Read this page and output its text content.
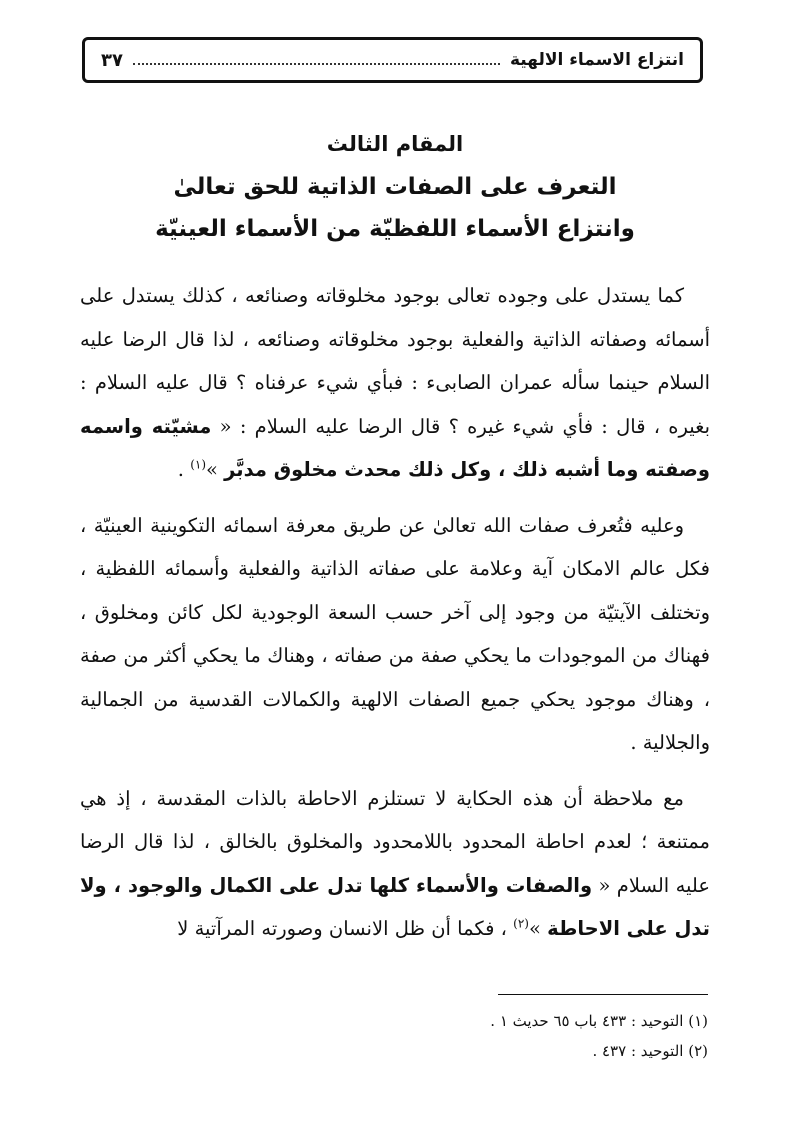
انتزاع الاسماء الالهية
٣٧
المقام الثالث
التعرف على الصفات الذاتية للحق تعالىٰ
وانتزاع الأسماء اللفظيّة من الأسماء العينيّة

كما يستدل على وجوده تعالى بوجود مخلوقاته وصنائعه ، كذلك يستدل على أسمائه وصفاته الذاتية والفعلية بوجود مخلوقاته وصنائعه ، لذا قال الرضا عليه السلام حينما سأله عمران الصابىء : فبأي شيء عرفناه ؟ قال عليه السلام : بغيره ، قال : فأي شيء غيره ؟ قال الرضا عليه السلام : « مشيّته واسمه وصفته وما أشبه ذلك ، وكل ذلك محدث مخلوق مدبَّر »$^{(١)}$ .

وعليه فتُعرف صفات الله تعالىٰ عن طريق معرفة اسمائه التكوينية العينيّة ، فكل عالم الامكان آية وعلامة على صفاته الذاتية والفعلية وأسمائه اللفظية ، وتختلف الآيتيّة من وجود إلى آخر حسب السعة الوجودية لكل كائن ومخلوق ، فهناك من الموجودات ما يحكي صفة من صفاته ، وهناك ما يحكي أكثر من صفة ، وهناك موجود يحكي جميع الصفات الالهية والكمالات القدسية من الجمالية والجلالية .

مع ملاحظة أن هذه الحكاية لا تستلزم الاحاطة بالذات المقدسة ، إذ هي ممتنعة ؛ لعدم احاطة المحدود باللامحدود والمخلوق بالخالق ، لذا قال الرضا عليه السلام « والصفات والأسماء كلها تدل على الكمال والوجود ، ولا تدل على الاحاطة »$^{(٢)}$ ، فكما أن ظل الانسان وصورته المرآتية لا

(١) التوحيد : ٤٣٣ باب ٦٥ حديث ١ .
(٢) التوحيد : ٤٣٧ .
